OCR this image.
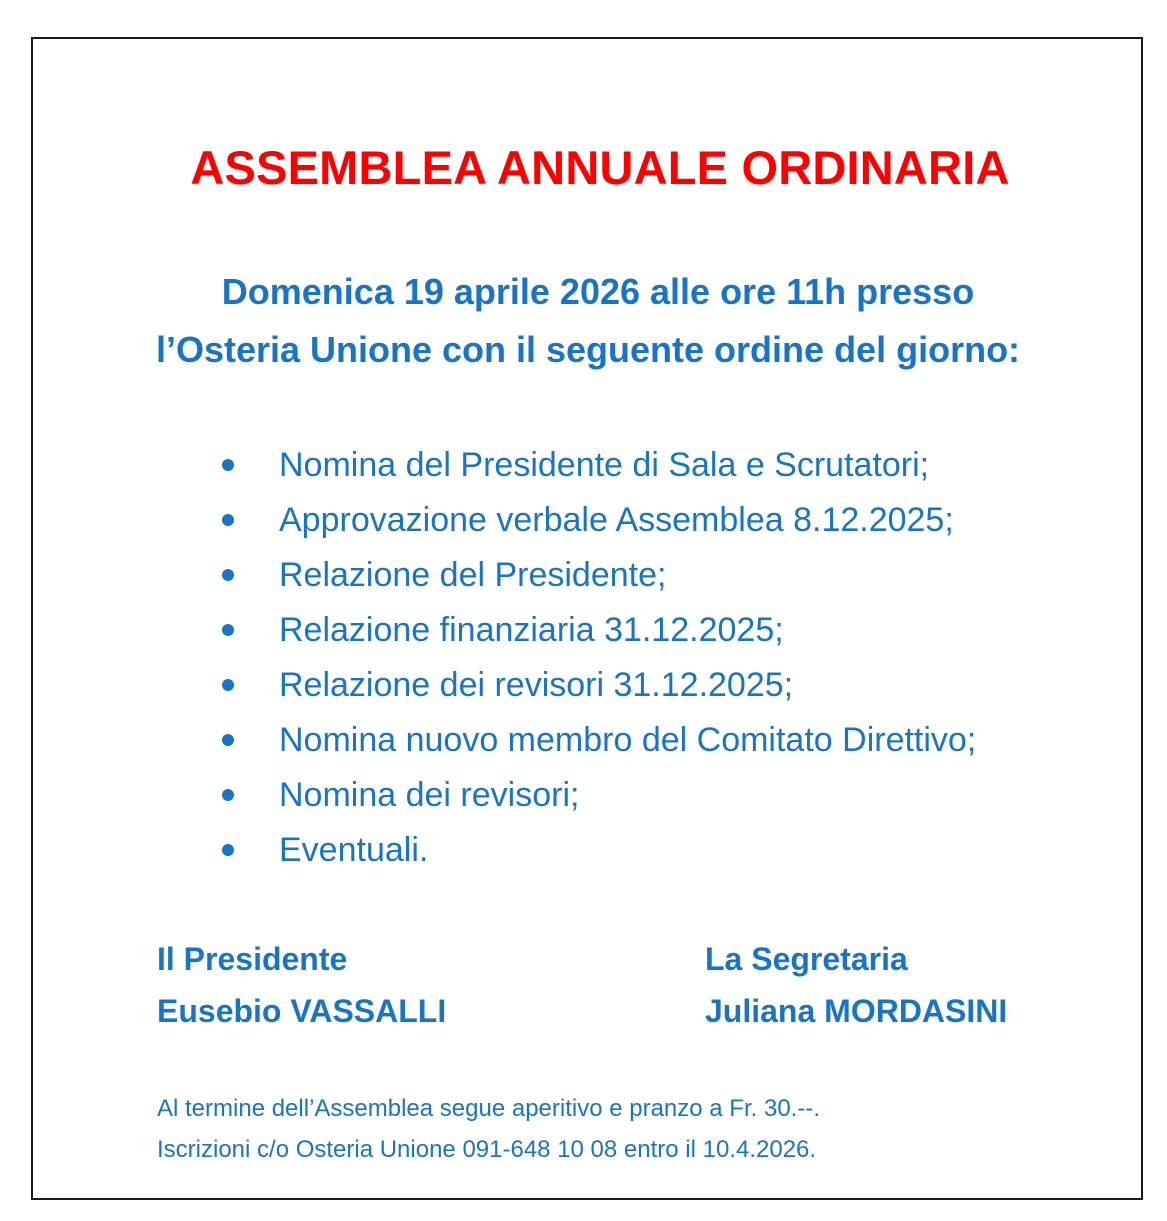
ASSEMBLEA ANNUALE ORDINARIA

Domenica 19 aprile 2026 alle ore 11h presso

l’Osteria Unione con il seguente ordine del giorno:

Nomina del Presidente di Sala e Scrutatori;
Approvazione verbale Assemblea 8.12.2025;
Relazione del Presidente;
Relazione finanziaria 31.12.2025;
Relazione dei revisori 31.12.2025;
Nomina nuovo membro del Comitato Direttivo;
Nomina dei revisori;
Eventuali.
Il Presidente
Eusebio VASSALLI
La Segretaria
Juliana MORDASINI
Al termine dell’Assemblea segue aperitivo e pranzo a Fr. 30.--.
Iscrizioni c/o Osteria Unione 091-648 10 08 entro il 10.4.2026.
